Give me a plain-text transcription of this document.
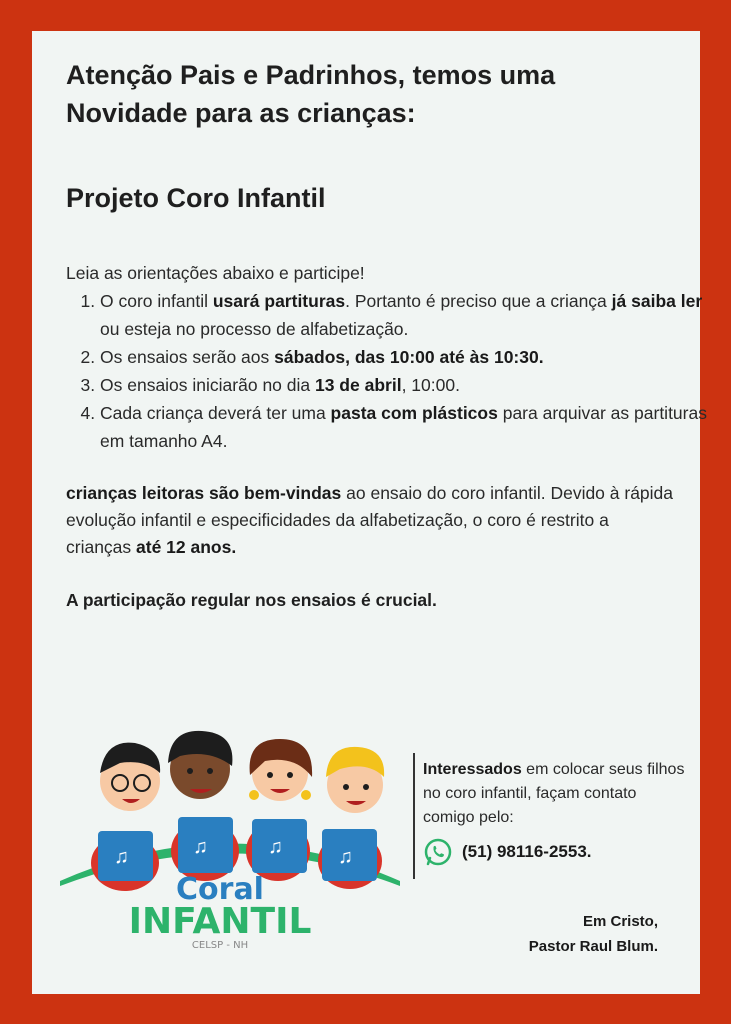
Atenção Pais e Padrinhos, temos uma Novidade para as crianças:
Projeto Coro Infantil
Leia as orientações abaixo e participe!
1. O coro infantil usará partituras. Portanto é preciso que a criança já saiba ler ou esteja no processo de alfabetização.
2. Os ensaios serão aos sábados, das 10:00 até às 10:30.
3. Os ensaios iniciarão no dia 13 de abril, 10:00.
4. Cada criança deverá ter uma pasta com plásticos para arquivar as partituras em tamanho A4.
crianças leitoras são bem-vindas ao ensaio do coro infantil. Devido à rápida evolução infantil e especificidades da alfabetização, o coro é restrito a crianças até 12 anos.
A participação regular nos ensaios é crucial.
♫	♫	♫	♫
Coral
INFANTIL
CELSP - NH
Interessados em colocar seus filhos no coro infantil, façam contato comigo pelo:
(51) 98116-2553.
Em Cristo,
Pastor Raul Blum.
